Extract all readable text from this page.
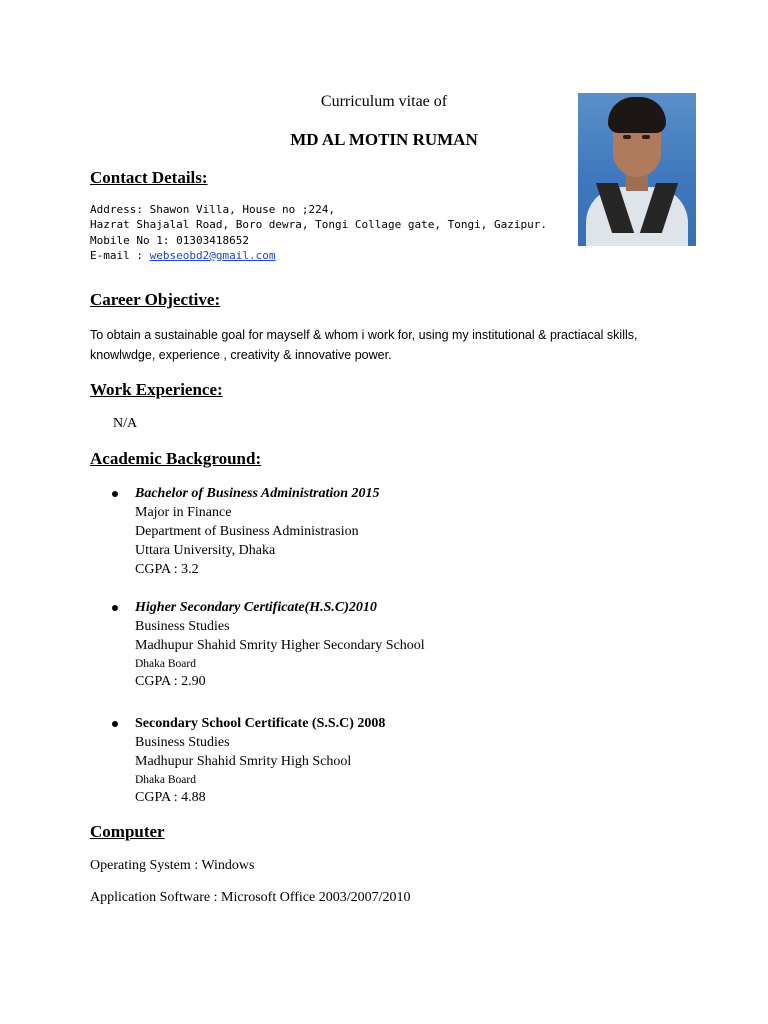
Curriculum vitae of
MD AL MOTIN RUMAN
Contact Details:
Address: Shawon Villa, House no ;224,
Hazrat Shajalal Road, Boro dewra, Tongi Collage gate, Tongi, Gazipur.
Mobile No 1: 01303418652
E-mail : webseobd2@gmail.com
Career Objective:
To obtain a sustainable goal for mayself & whom i work for, using my institutional & practiacal skills, knowlwdge, experience , creativity & innovative power.
Work Experience:
N/A
Academic Background:
Bachelor of Business Administration 2015
Major in Finance
Department of Business Administrasion
Uttara University, Dhaka
CGPA : 3.2
Higher Secondary Certificate(H.S.C)2010
Business Studies
Madhupur Shahid Smrity Higher Secondary School
Dhaka Board
CGPA : 2.90
Secondary School Certificate (S.S.C) 2008
Business Studies
Madhupur Shahid Smrity High School
Dhaka Board
CGPA : 4.88
Computer
Operating System : Windows
Application Software : Microsoft Office 2003/2007/2010
